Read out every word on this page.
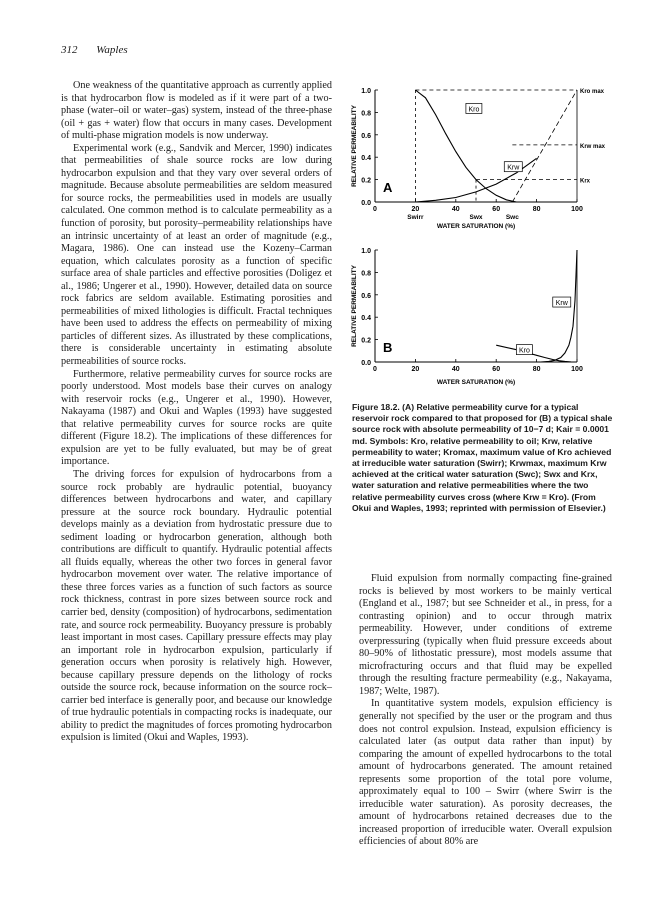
312 Waples

One weakness of the quantitative approach as currently applied is that hydrocarbon flow is modeled as if it were part of a two-phase (water–oil or water–gas) system, instead of the three-phase (oil + gas + water) flow that occurs in many cases. Development of multi-phase migration models is now underway.

Experimental work (e.g., Sandvik and Mercer, 1990) indicates that permeabilities of shale source rocks are low during hydrocarbon expulsion and that they vary over several orders of magnitude. Because absolute permeabilities are seldom measured for source rocks, the permeabilities used in models are usually calculated. One common method is to calculate permeability as a function of porosity, but porosity–permeability relationships have an intrinsic uncertainty of at least an order of magnitude (e.g., Magara, 1986). One can instead use the Kozeny–Carman equation, which calculates porosity as a function of specific surface area of shale particles and effective porosities (Doligez et al., 1986; Ungerer et al., 1990). However, detailed data on source rock fabrics are seldom available. Estimating porosities and permeabilities of mixed lithologies is difficult. Fractal techniques have been used to address the effects on permeability of mixing particles of different sizes. As illustrated by these complications, there is considerable uncertainty in estimating absolute permeabilities of source rocks.

Furthermore, relative permeability curves for source rocks are poorly understood. Most models base their curves on analogy with reservoir rocks (e.g., Ungerer et al., 1990). However, Nakayama (1987) and Okui and Waples (1993) have suggested that relative permeability curves for source rocks are quite different (Figure 18.2). The implications of these differences for expulsion are yet to be fully evaluated, but may be of great importance.

The driving forces for expulsion of hydrocarbons from a source rock probably are hydraulic potential, buoyancy differences between hydrocarbons and water, and capillary pressure at the source rock boundary. Hydraulic potential develops mainly as a deviation from hydrostatic pressure due to sediment loading or hydrocarbon generation, although both contributions are difficult to quantify. Hydraulic potential affects all fluids equally, whereas the other two forces in general favor hydrocarbon movement over water. The relative importance of these three forces varies as a function of such factors as source rock thickness, contrast in pore sizes between source rock and carrier bed, density (composition) of hydrocarbons, sedimentation rate, and source rock permeability. Buoyancy pressure is probably least important in most cases. Capillary pressure effects may play an important role in hydrocarbon expulsion, particularly if generation occurs when porosity is relatively high. However, because capillary pressure depends on the lithology of rocks outside the source rock, because information on the source rock–carrier bed interface is generally poor, and because our knowledge of true hydraulic potentials in compacting rocks is inadequate, our ability to predict the magnitudes of forces promoting hydrocarbon expulsion is limited (Okui and Waples, 1993).

0.0
0.2
0.4
0.6
0.8
1.0
0	20	40	60	80	100
WATER SATURATION (%)
RELATIVE PERMEABILITY
A
Kro
Krw
Swirr	Swx	Swc
Kro max
Krw max
Krx
0.0
0.2
0.4
0.6
0.8
1.0
0	20	40	60	80	100
WATER SATURATION (%)
RELATIVE PERMEABILITY
B
Krw
Kro
Figure 18.2. (A) Relative permeability curve for a typical reservoir rock compared to that proposed for (B) a typical shale source rock with absolute permeability of 10−7 d; Kair = 0.0001 md. Symbols: Kro, relative permeability to oil; Krw, relative permeability to water; Kromax, maximum value of Kro achieved at irreducible water saturation (Swirr); Krwmax, maximum Krw achieved at the critical water saturation (Swc); Swx and Krx, water saturation and relative permeabilities where the two relative permeability curves cross (where Krw = Kro). (From Okui and Waples, 1993; reprinted with permission of Elsevier.)

Fluid expulsion from normally compacting fine-grained rocks is believed by most workers to be mainly vertical (England et al., 1987; but see Schneider et al., in press, for a contrasting opinion) and to occur through matrix permeability. However, under conditions of extreme overpressuring (typically when fluid pressure exceeds about 80–90% of lithostatic pressure), most models assume that microfracturing occurs and that fluid may be expelled through the resulting fracture permeability (e.g., Nakayama, 1987; Welte, 1987).

In quantitative system models, expulsion efficiency is generally not specified by the user or the program and thus does not control expulsion. Instead, expulsion efficiency is calculated later (as output data rather than input) by comparing the amount of expelled hydrocarbons to the total amount of hydrocarbons generated. The amount retained represents some proportion of the total pore volume, approximately equal to 100 – Swirr (where Swirr is the irreducible water saturation). As porosity decreases, the amount of hydrocarbons retained decreases due to the increased proportion of irreducible water. Overall expulsion efficiencies of about 80% are
